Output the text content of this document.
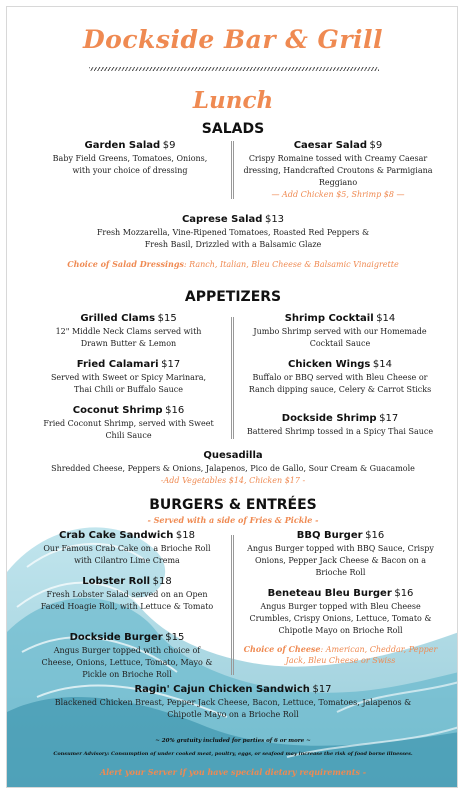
Dockside Bar & Grill
Lunch
SALADS
Garden Salad $9
Baby Field Greens, Tomatoes, Onions, with your choice of dressing
Caesar Salad $9
Crispy Romaine tossed with Creamy Caesar dressing, Handcrafted Croutons & Parmigiana Reggiano
— Add Chicken $5, Shrimp $8 —
Caprese Salad $13
Fresh Mozzarella, Vine-Ripened Tomatoes, Roasted Red Peppers & Fresh Basil, Drizzled with a Balsamic Glaze
Choice of Salad Dressings: Ranch, Italian, Bleu Cheese & Balsamic Vinaigrette
APPETIZERS
Grilled Clams $15
12" Middle Neck Clams served with Drawn Butter & Lemon
Fried Calamari $17
Served with Sweet or Spicy Marinara, Thai Chili or Buffalo Sauce
Coconut Shrimp $16
Fried Coconut Shrimp, served with Sweet Chili Sauce
Shrimp Cocktail $14
Jumbo Shrimp served with our Homemade Cocktail Sauce
Chicken Wings $14
Buffalo or BBQ served with Bleu Cheese or Ranch dipping sauce, Celery & Carrot Sticks
Dockside Shrimp $17
Battered Shrimp tossed in a Spicy Thai Sauce
Quesadilla
Shredded Cheese, Peppers & Onions, Jalapenos, Pico de Gallo, Sour Cream & Guacamole
-Add Vegetables $14, Chicken $17 -
BURGERS & ENTRÉES
- Served with a side of Fries & Pickle -
Crab Cake Sandwich $18
Our Famous Crab Cake on a Brioche Roll with Cilantro Lime Crema
Lobster Roll $18
Fresh Lobster Salad served on an Open Faced Hoagie Roll, with Lettuce & Tomato
Dockside Burger $15
Angus Burger topped with choice of Cheese, Onions, Lettuce, Tomato, Mayo & Pickle on Brioche Roll
BBQ Burger $16
Angus Burger topped with BBQ Sauce, Crispy Onions, Pepper Jack Cheese & Bacon on a Brioche Roll
Beneteau Bleu Burger $16
Angus Burger topped with Bleu Cheese Crumbles, Crispy Onions, Lettuce, Tomato & Chipotle Mayo on Brioche Roll
Choice of Cheese: American, Cheddar, Pepper Jack, Bleu Cheese or Swiss
Ragin' Cajun Chicken Sandwich $17
Blackened Chicken Breast, Pepper Jack Cheese, Bacon, Lettuce, Tomatoes, Jalapenos & Chipotle Mayo on a Brioche Roll
~ 20% gratuity included for parties of 6 or more ~
Consumer Advisory: Consumption of under cooked meat, poultry, eggs, or seafood may increase the risk of food borne illnesses.
Alert your Server if you have special dietary requirements -
